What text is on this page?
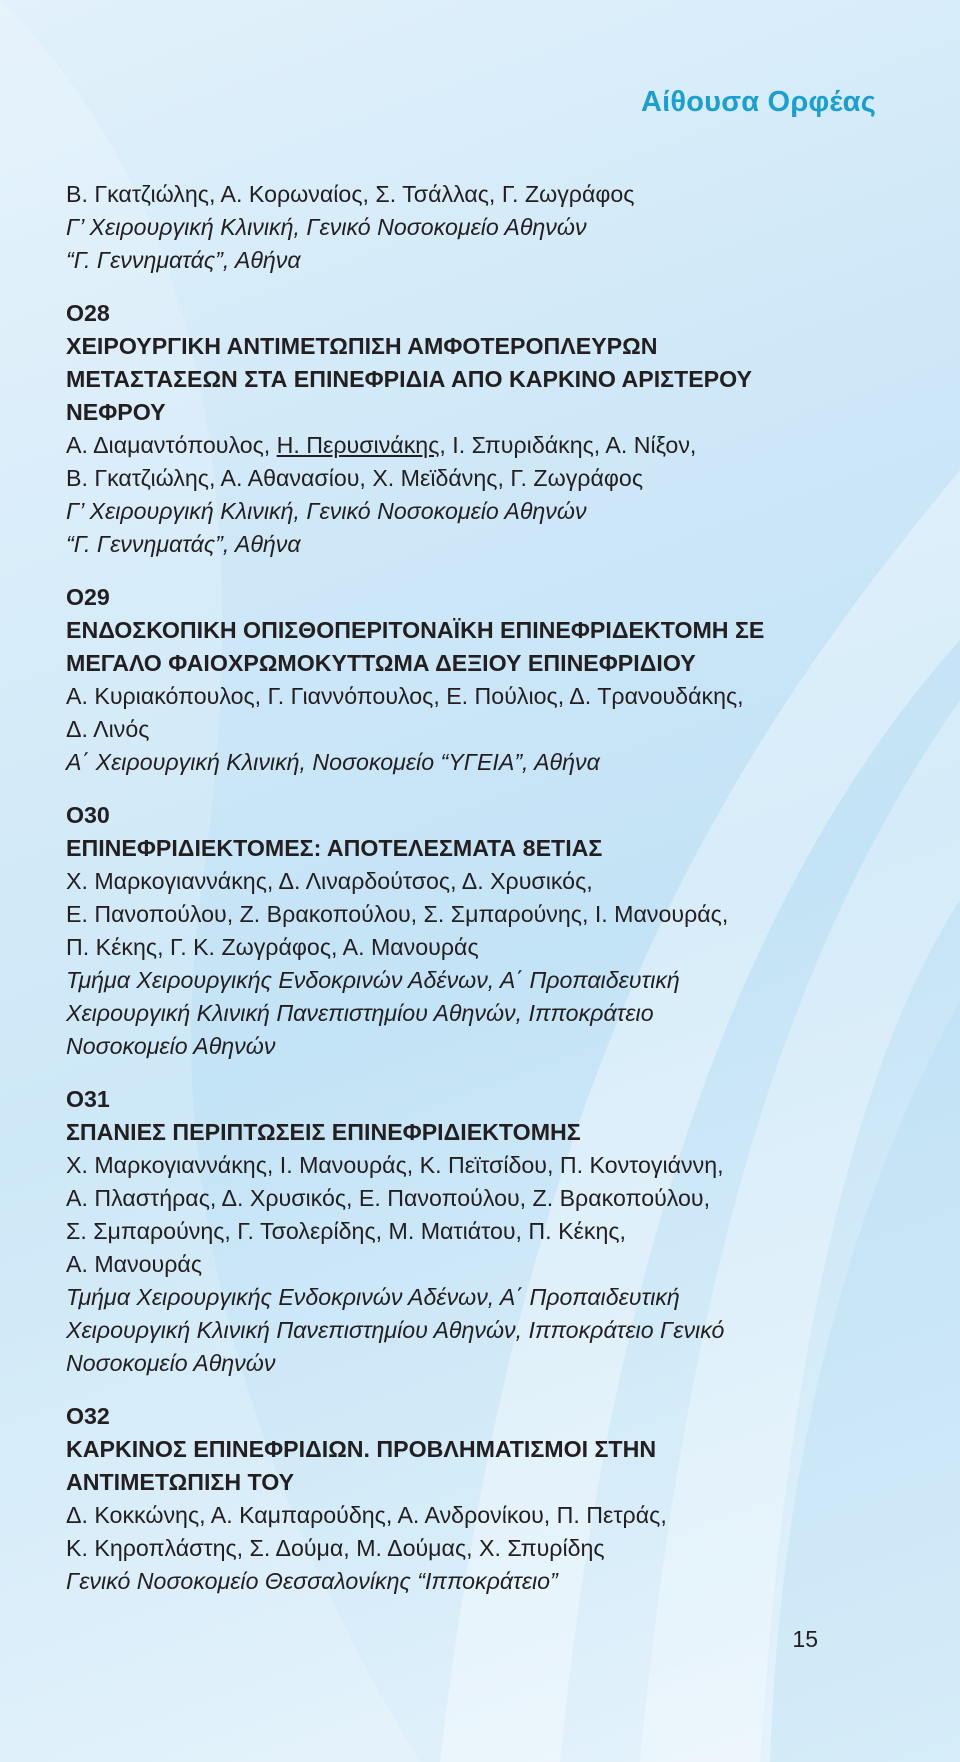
Αίθουσα Ορφέας
Β. Γκατζιώλης, Α. Κορωναίος, Σ. Τσάλλας, Γ. Ζωγράφος
Γ’ Χειρουργική Κλινική, Γενικό Νοσοκομείο Αθηνών
“Γ. Γεννηματάς”, Αθήνα
Ο28
ΧΕΙΡΟΥΡΓΙΚΗ ΑΝΤΙΜΕΤΩΠΙΣΗ ΑΜΦΟΤΕΡΟΠΛΕΥΡΩΝ
ΜΕΤΑΣΤΑΣΕΩΝ ΣΤΑ ΕΠΙΝΕΦΡΙΔΙΑ ΑΠΟ ΚΑΡΚΙΝΟ ΑΡΙΣΤΕΡΟΥ
ΝΕΦΡΟΥ
Α. Διαμαντόπουλος, Η. Περυσινάκης, Ι. Σπυριδάκης, Α. Νίξον,
Β. Γκατζιώλης, Α. Αθανασίου, Χ. Μεϊδάνης, Γ. Ζωγράφος
Γ’ Χειρουργική Κλινική, Γενικό Νοσοκομείο Αθηνών
“Γ. Γεννηματάς”, Αθήνα
Ο29
ΕΝΔΟΣΚΟΠΙΚΗ ΟΠΙΣΘΟΠΕΡΙΤΟΝΑΪΚΗ ΕΠΙΝΕΦΡΙΔΕΚΤΟΜΗ ΣΕ
ΜΕΓΑΛΟ ΦΑΙΟΧΡΩΜΟΚΥΤΤΩΜΑ ΔΕΞΙΟΥ ΕΠΙΝΕΦΡΙΔΙΟΥ
Α. Κυριακόπουλος, Γ. Γιαννόπουλος, Ε. Πούλιος, Δ. Τρανουδάκης,
Δ. Λινός
Α΄ Χειρουργική Κλινική, Νοσοκομείο “ΥΓΕΙΑ”, Αθήνα
Ο30
ΕΠΙΝΕΦΡΙΔΙΕΚΤΟΜΕΣ: ΑΠΟΤΕΛΕΣΜΑΤΑ 8ΕΤΙΑΣ
Χ. Μαρκογιαννάκης, Δ. Λιναρδούτσος, Δ. Χρυσικός,
Ε. Πανοπούλου, Ζ. Βρακοπούλου, Σ. Σμπαρούνης, Ι. Μανουράς,
Π. Κέκης, Γ. Κ. Ζωγράφος, Α. Μανουράς
Τμήμα Χειρουργικής Ενδοκρινών Αδένων, Α΄ Προπαιδευτική
Χειρουργική Κλινική Πανεπιστημίου Αθηνών, Ιπποκράτειο
Νοσοκομείο Αθηνών
Ο31
ΣΠΑΝΙΕΣ ΠΕΡΙΠΤΩΣΕΙΣ ΕΠΙΝΕΦΡΙΔΙΕΚΤΟΜΗΣ
Χ. Μαρκογιαννάκης, Ι. Μανουράς, Κ. Πεϊτσίδου, Π. Κοντογιάννη,
Α. Πλαστήρας, Δ. Χρυσικός, Ε. Πανοπούλου, Ζ. Βρακοπούλου,
Σ. Σμπαρούνης, Γ. Τσολερίδης, Μ. Ματιάτου, Π. Κέκης,
Α. Μανουράς
Τμήμα Χειρουργικής Ενδοκρινών Αδένων, Α΄ Προπαιδευτική
Χειρουργική Κλινική Πανεπιστημίου Αθηνών, Ιπποκράτειο Γενικό
Νοσοκομείο Αθηνών
Ο32
ΚΑΡΚΙΝΟΣ ΕΠΙΝΕΦΡΙΔΙΩΝ. ΠΡΟΒΛΗΜΑΤΙΣΜΟΙ ΣΤΗΝ
ΑΝΤΙΜΕΤΩΠΙΣΗ ΤΟΥ
Δ. Κοκκώνης, Α. Καμπαρούδης, Α. Ανδρονίκου, Π. Πετράς,
Κ. Κηροπλάστης, Σ. Δούμα, Μ. Δούμας, Χ. Σπυρίδης
Γενικό Νοσοκομείο Θεσσαλονίκης “Ιπποκράτειο”
15
